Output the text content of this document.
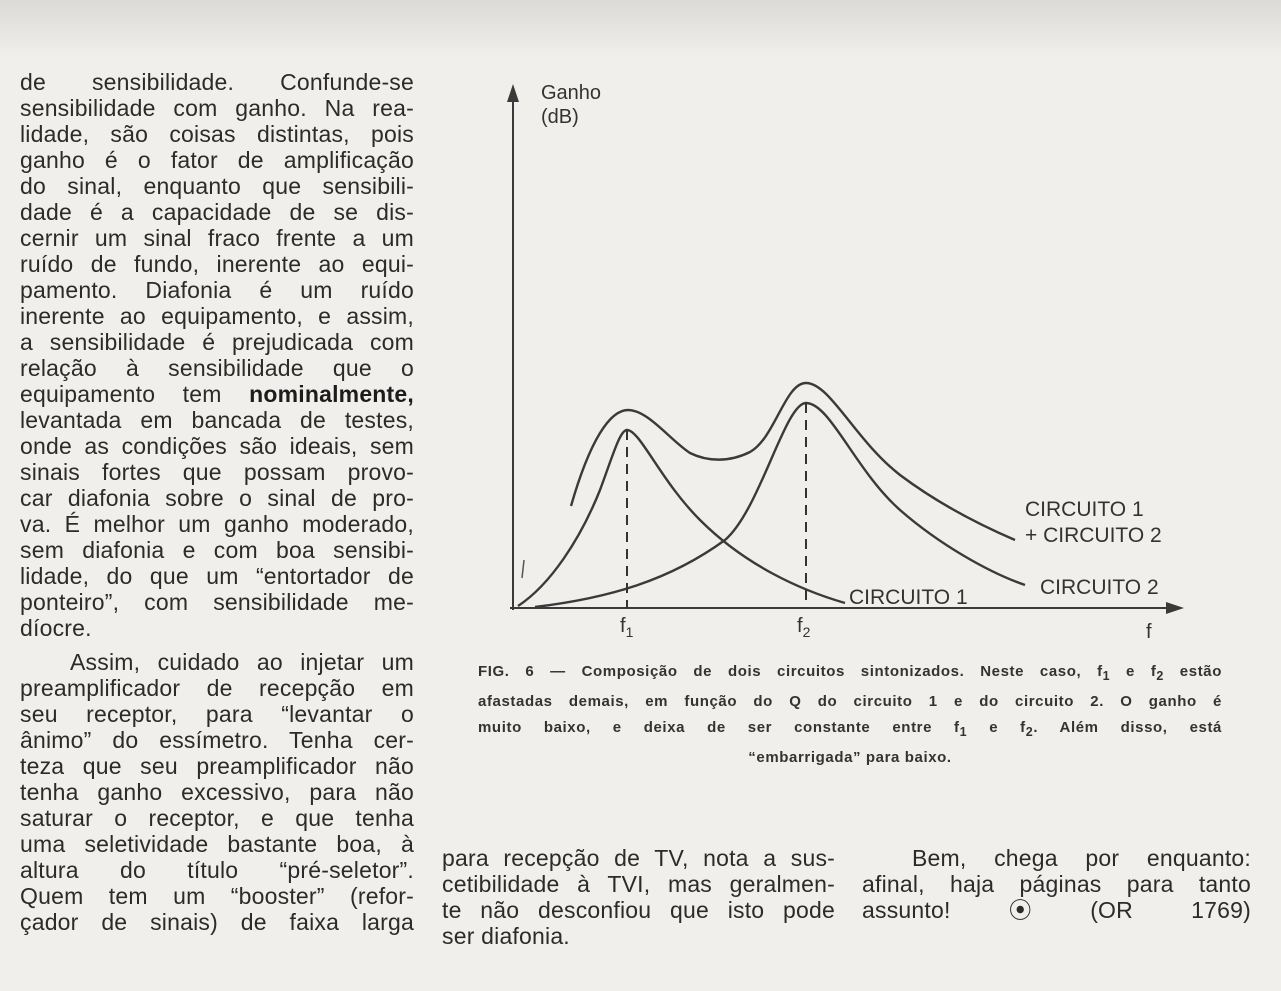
de sensibilidade. Confunde-se

sensibilidade com ganho. Na rea-

lidade, são coisas distintas, pois

ganho é o fator de amplificação

do sinal, enquanto que sensibili-

dade é a capacidade de se dis-

cernir um sinal fraco frente a um

ruído de fundo, inerente ao equi-

pamento. Diafonia é um ruído

inerente ao equipamento, e assim,

a sensibilidade é prejudicada com

relação à sensibilidade que o

equipamento tem nominalmente,

levantada em bancada de testes,

onde as condições são ideais, sem

sinais fortes que possam provo-

car diafonia sobre o sinal de pro-

va. É melhor um ganho moderado,

sem diafonia e com boa sensibi-

lidade, do que um “entortador de

ponteiro”, com sensibilidade me-

díocre.

Assim, cuidado ao injetar um

preamplificador de recepção em

seu receptor, para “levantar o

ânimo” do essímetro. Tenha cer-

teza que seu preamplificador não

tenha ganho excessivo, para não

saturar o receptor, e que tenha

uma seletividade bastante boa, à

altura do título “pré-seletor”.

Quem tem um “booster” (refor-

çador de sinais) de faixa larga

Ganho
(dB)
$f_1$	$f_2$	f
CIRCUITO 1
+ CIRCUITO 2
CIRCUITO 1	CIRCUITO 2

FIG. 6 — Composição de dois circuitos sintonizados. Neste caso, $f_1$ e $f_2$ estão

afastadas demais, em função do Q do circuito 1 e do circuito 2. O ganho é

muito baixo, e deixa de ser constante entre $f_1$ e $f_2$. Além disso, está

“embarrigada” para baixo.

para recepção de TV, nota a sus-

cetibilidade à TVI, mas geralmen-

te não desconfiou que isto pode

ser diafonia.

Bem, chega por enquanto:

afinal, haja páginas para tanto

assunto!	⦿ (OR 1769)
